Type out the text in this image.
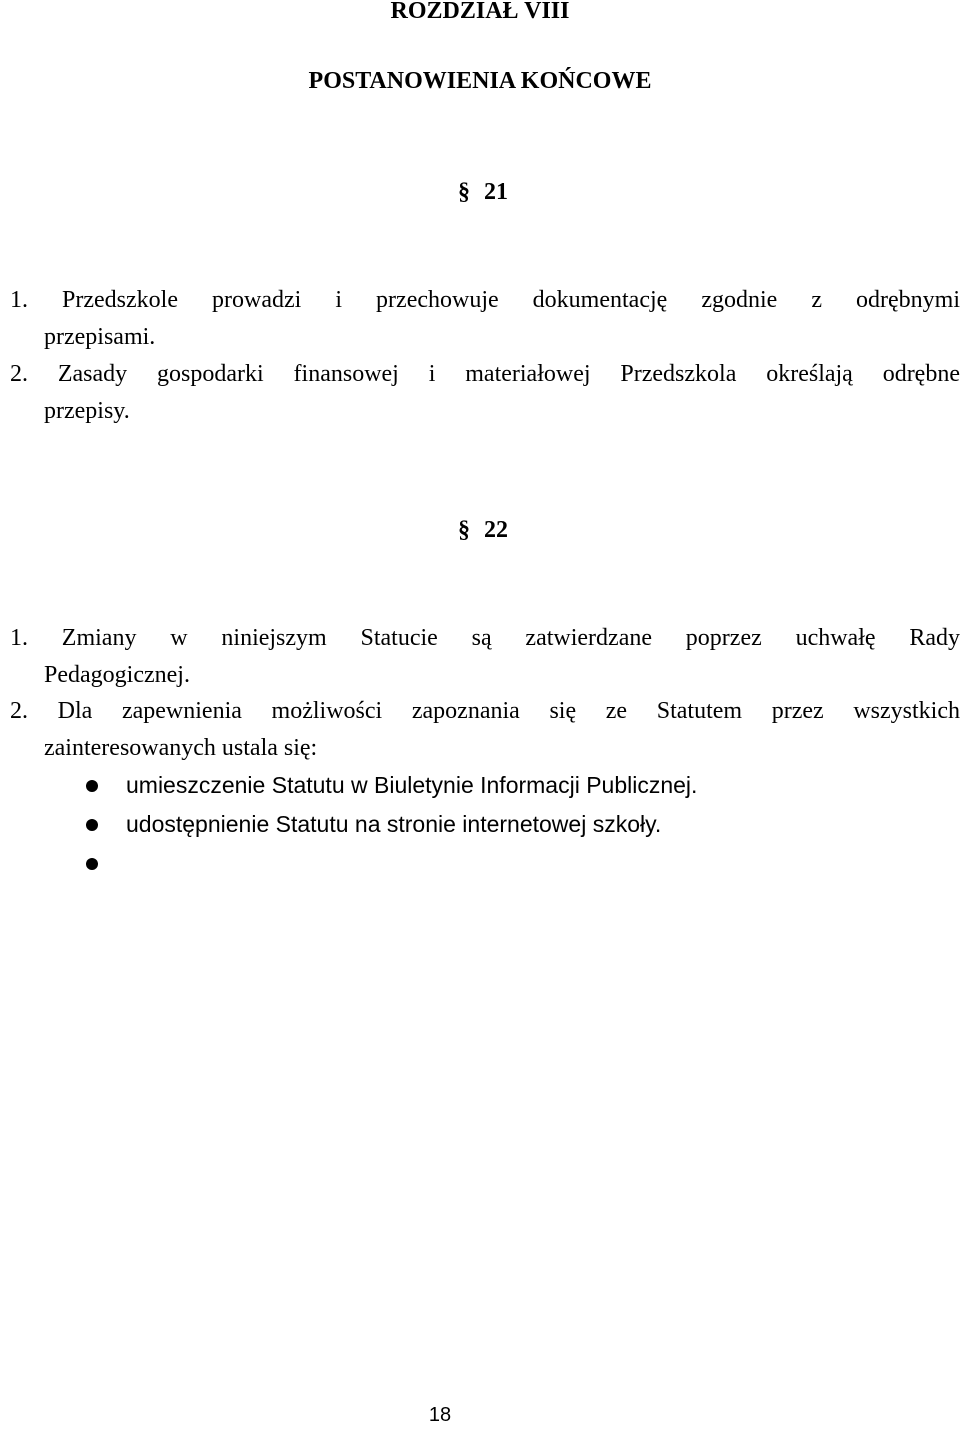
ROZDZIAŁ VIII
POSTANOWIENIA KOŃCOWE
§ 21
1. Przedszkole prowadzi i przechowuje dokumentację zgodnie z odrębnymi
przepisami.
2. Zasady gospodarki finansowej i materiałowej Przedszkola określają odrębne
przepisy.
§ 22
1. Zmiany w niniejszym Statucie są zatwierdzane poprzez uchwałę Rady
Pedagogicznej.
2. Dla zapewnienia możliwości zapoznania się ze Statutem przez wszystkich
zainteresowanych ustala się:
umieszczenie Statutu w Biuletynie Informacji Publicznej.
udostępnienie Statutu na stronie internetowej szkoły.
18
